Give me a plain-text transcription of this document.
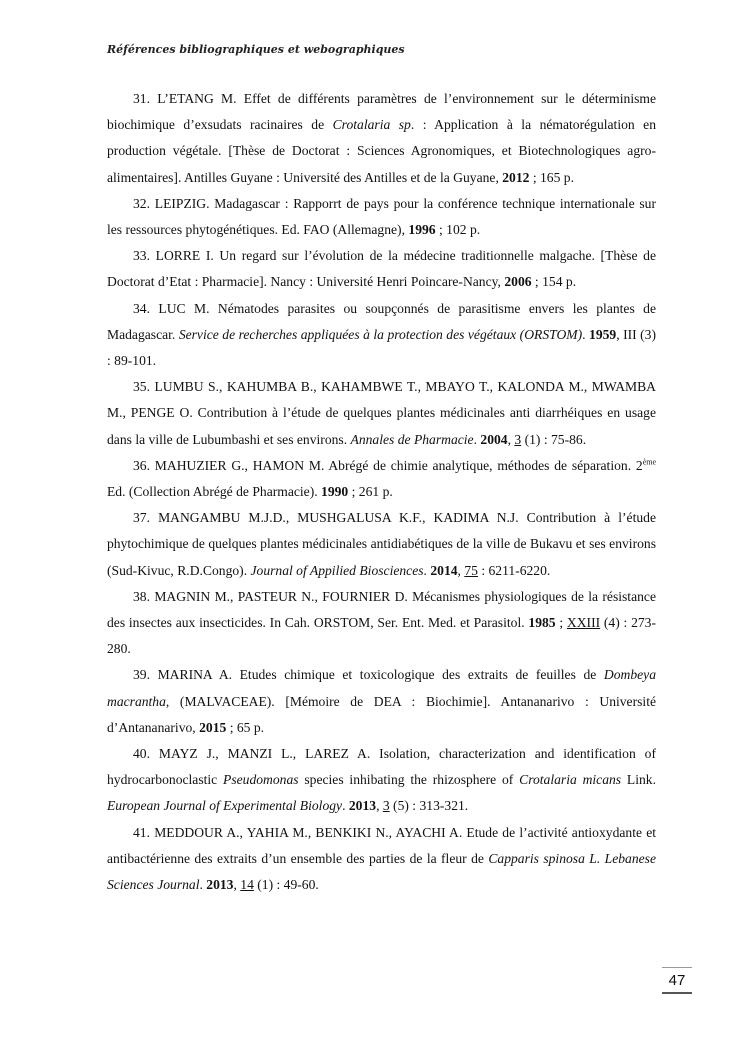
Références bibliographiques et webographiques

31. L’ETANG M. Effet de différents paramètres de l’environnement sur le déterminisme biochimique d’exsudats racinaires de Crotalaria sp. : Application à la nématorégulation en production végétale. [Thèse de Doctorat : Sciences Agronomiques, et Biotechnologiques agro-alimentaires]. Antilles Guyane : Université des Antilles et de la Guyane, 2012 ; 165 p.

32. LEIPZIG. Madagascar : Rapporrt de pays pour la conférence technique internationale sur les ressources phytogénétiques. Ed. FAO (Allemagne), 1996 ; 102 p.

33. LORRE I. Un regard sur l’évolution de la médecine traditionnelle malgache. [Thèse de Doctorat d’Etat : Pharmacie]. Nancy : Université Henri Poincare-Nancy, 2006 ; 154 p.

34. LUC M. Nématodes parasites ou soupçonnés de parasitisme envers les plantes de Madagascar. Service de recherches appliquées à la protection des végétaux (ORSTOM). 1959, III (3) : 89-101.

35. LUMBU S., KAHUMBA B., KAHAMBWE T., MBAYO T., KALONDA M., MWAMBA M., PENGE O. Contribution à l’étude de quelques plantes médicinales anti diarrhéiques en usage dans la ville de Lubumbashi et ses environs. Annales de Pharmacie. 2004, 3 (1) : 75-86.

36. MAHUZIER G., HAMON M. Abrégé de chimie analytique, méthodes de séparation. 2ème Ed. (Collection Abrégé de Pharmacie). 1990 ; 261 p.

37. MANGAMBU M.J.D., MUSHGALUSA K.F., KADIMA N.J. Contribution à l’étude phytochimique de quelques plantes médicinales antidiabétiques de la ville de Bukavu et ses environs (Sud-Kivuc, R.D.Congo). Journal of Appilied Biosciences. 2014, 75 : 6211-6220.

38. MAGNIN M., PASTEUR N., FOURNIER D. Mécanismes physiologiques de la résistance des insectes aux insecticides. In Cah. ORSTOM, Ser. Ent. Med. et Parasitol. 1985 ; XXIII (4) : 273-280.

39. MARINA A. Etudes chimique et toxicologique des extraits de feuilles de Dombeya macrantha, (MALVACEAE). [Mémoire de DEA : Biochimie]. Antananarivo : Université d’Antananarivo, 2015 ; 65 p.

40. MAYZ J., MANZI L., LAREZ A. Isolation, characterization and identification of hydrocarbonoclastic Pseudomonas species inhibating the rhizosphere of Crotalaria micans Link. European Journal of Experimental Biology. 2013, 3 (5) : 313-321.

41. MEDDOUR A., YAHIA M., BENKIKI N., AYACHI A. Etude de l’activité antioxydante et antibactérienne des extraits d’un ensemble des parties de la fleur de Capparis spinosa L. Lebanese Sciences Journal. 2013, 14 (1) : 49-60.

47
